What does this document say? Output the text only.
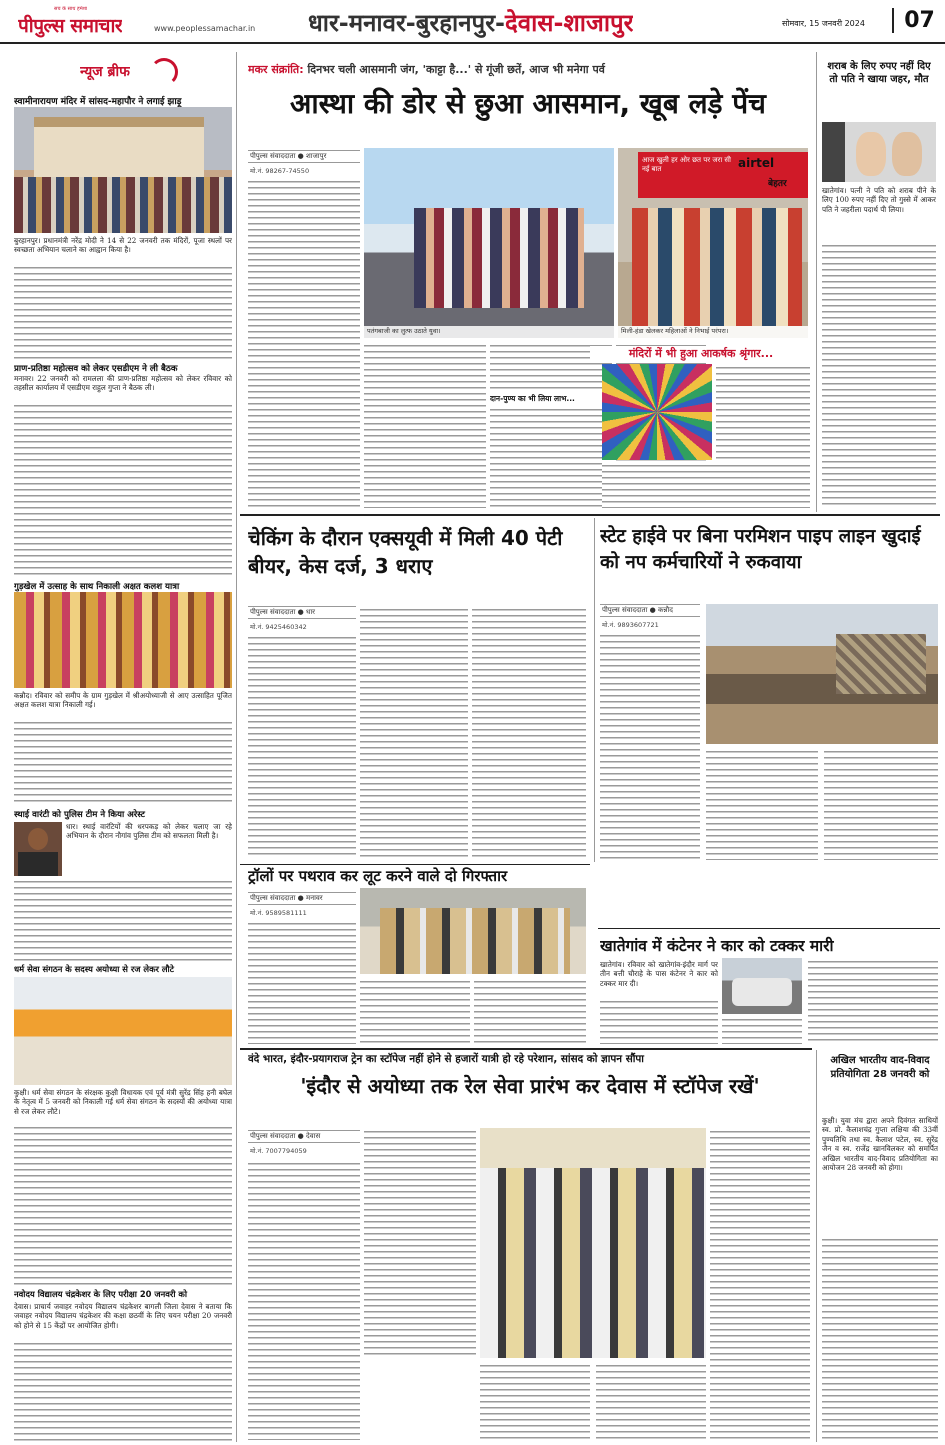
सच के साथ हमेशा
पीपुल्स समाचार	www.peoplessamachar.in धार-मनावर-बुरहानपुर-देवास-शाजापुर	सोमवार, 15 जनवरी 2024	07
न्यूज ब्रीफ
स्वामीनारायण मंदिर में सांसद-महापौर ने लगाई झाड़ू
बुरहानपुर। प्रधानमंत्री नरेंद्र मोदी ने 14 से 22 जनवरी तक मंदिरों, पूजा स्थलों पर स्वच्छता अभियान चलाने का आह्वान किया है।
प्राण-प्रतिष्ठा महोत्सव को लेकर एसडीएम ने ली बैठक
मनावर। 22 जनवरी को रामलला की प्राण-प्रतिष्ठा महोत्सव को लेकर रविवार को तहसील कार्यालय में एसडीएम राहुल गुप्ता ने बैठक ली।
गुड़खेल में उत्साह के साथ निकाली अक्षत कलश यात्रा
कन्नौद। रविवार को समीप के ग्राम गुड़खेल में श्रीअयोध्याजी से आए उत्साहित पूजित अक्षत कलश यात्रा निकाली गई।
स्थाई वारंटी को पुलिस टीम ने किया अरेस्ट
धार। स्थाई वारंटियों की धरपकड़ को लेकर चलाए जा रहे अभियान के दौरान नौगांव पुलिस टीम को सफलता मिली है।
धर्म सेवा संगठन के सदस्य अयोध्या से रज लेकर लौटे
कुक्षी। धर्म सेवा संगठन के संरक्षक कुक्षी विधायक एवं पूर्व मंत्री सुरेंद्र सिंह हनी बघेल के नेतृत्व में 5 जनवरी को निकाली गई धर्म सेवा संगठन के सदस्यों की अयोध्या यात्रा से रज लेकर लौटे।
नवोदय विद्यालय चंद्रकेशर के लिए परीक्षा 20 जनवरी को
देवास। प्राचार्य जवाहर नवोदय विद्यालय चंद्रकेशर बागली जिला देवास ने बताया कि जवाहर नवोदय विद्यालय चंद्रकेशर की कक्षा छठवीं के लिए चयन परीक्षा 20 जनवरी को होने से 15 केंद्रों पर आयोजित होगी।
मकर संक्रांति: दिनभर चली आसमानी जंग, 'काट्टा है...' से गूंजी छतें, आज भी मनेगा पर्व
आस्था की डोर से छुआ आसमान, खूब लड़े पेंच
पीपुल्स संवाददाता ● शाजापुर
मो.नं. 98267-74550
पतंगबाजी का लुत्फ उठाते युवा।
आज खुली हर ओर छत पर जरा सी नई बात	airtel
बेहतर
मिली-हंडा खेलकर महिलाओं ने निभाई परंपरा।
दान-पुण्य का भी लिया लाभ...
मंदिरों में भी हुआ आकर्षक श्रृंगार...
शराब के लिए रुपए नहीं दिए तो पति ने खाया जहर, मौत
खातेगांव। पत्नी ने पति को शराब पीने के लिए 100 रुपए नहीं दिए तो गुस्से में आकर पति ने जहरीला पदार्थ पी लिया।
चेकिंग के दौरान एक्सयूवी में मिली 40 पेटी बीयर, केस दर्ज, 3 धराए
पीपुल्स संवाददाता ● धार
मो.नं. 9425460342
स्टेट हाईवे पर बिना परमिशन पाइप लाइन खुदाई को नप कर्मचारियों ने रुकवाया
पीपुल्स संवाददाता ● कन्नौद
मो.नं. 9893607721
ट्रॉलों पर पथराव कर लूट करने वाले दो गिरफ्तार
पीपुल्स संवाददाता ● मनावर
मो.नं. 9589581111
खातेगांव में कंटेनर ने कार को टक्कर मारी
खातेगांव। रविवार को खातेगांव-इंदौर मार्ग पर तीन बत्ती चौराहे के पास कंटेनर ने कार को टक्कर मार दी।
वंदे भारत, इंदौर-प्रयागराज ट्रेन का स्टॉपेज नहीं होने से हजारों यात्री हो रहे परेशान, सांसद को ज्ञापन सौंपा
'इंदौर से अयोध्या तक रेल सेवा प्रारंभ कर देवास में स्टॉपेज रखें'
पीपुल्स संवाददाता ● देवास
मो.नं. 7007794059
अखिल भारतीय वाद-विवाद प्रतियोगिता 28 जनवरी को
कुक्षी। युवा मंच द्वारा अपने दिवंगत साथियों स्व. प्रो. कैलाशचंद्र गुप्ता लक्षिया की 33वीं पुण्यतिथि तथा स्व. कैलाश पटेल, स्व. सुरेंद्र जैन व स्व. राजेंद्र खानविलकर को समर्पित अखिल भारतीय वाद-विवाद प्रतियोगिता का आयोजन 28 जनवरी को होगा।
